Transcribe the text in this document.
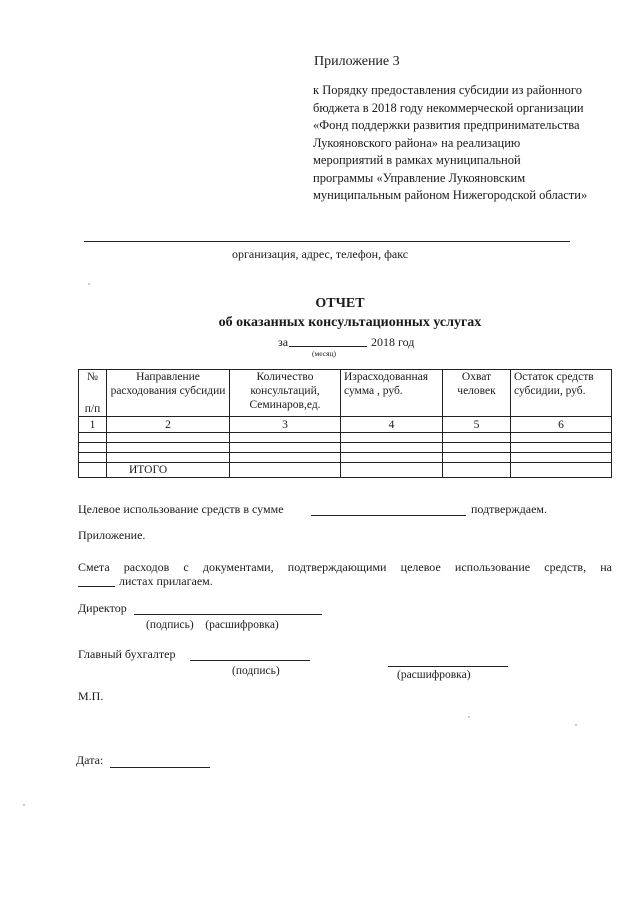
Приложение 3
к Порядку предоставления субсидии из районного
бюджета в 2018 году некоммерческой организации
«Фонд поддержки развития предпринимательства
Лукояновского района» на реализацию
мероприятий в рамках муниципальной
программы «Управление Лукояновским
муниципальным районом Нижегородской области»
организация, адрес, телефон, факс
ОТЧЕТ
об оказанных консультационных услугах
за	2018 год
(месяц)
№
п/п	Направление расходования субсидии	Количество консультаций, Семинаров,ед.	Израсходованная сумма , руб.	Охват человек	Остаток средств субсидии, руб.
1	2	3	4	5	6

	ИТОГО				
Целевое использование средств в сумме	подтверждаем.
Приложение.
Смета расходов с документами, подтверждающими целевое использование средств, на
листах прилагаем.
Директор
(подпись)    (расшифровка)
Главный бухгалтер
(подпись)	(расшифровка)
М.П.
Дата:
